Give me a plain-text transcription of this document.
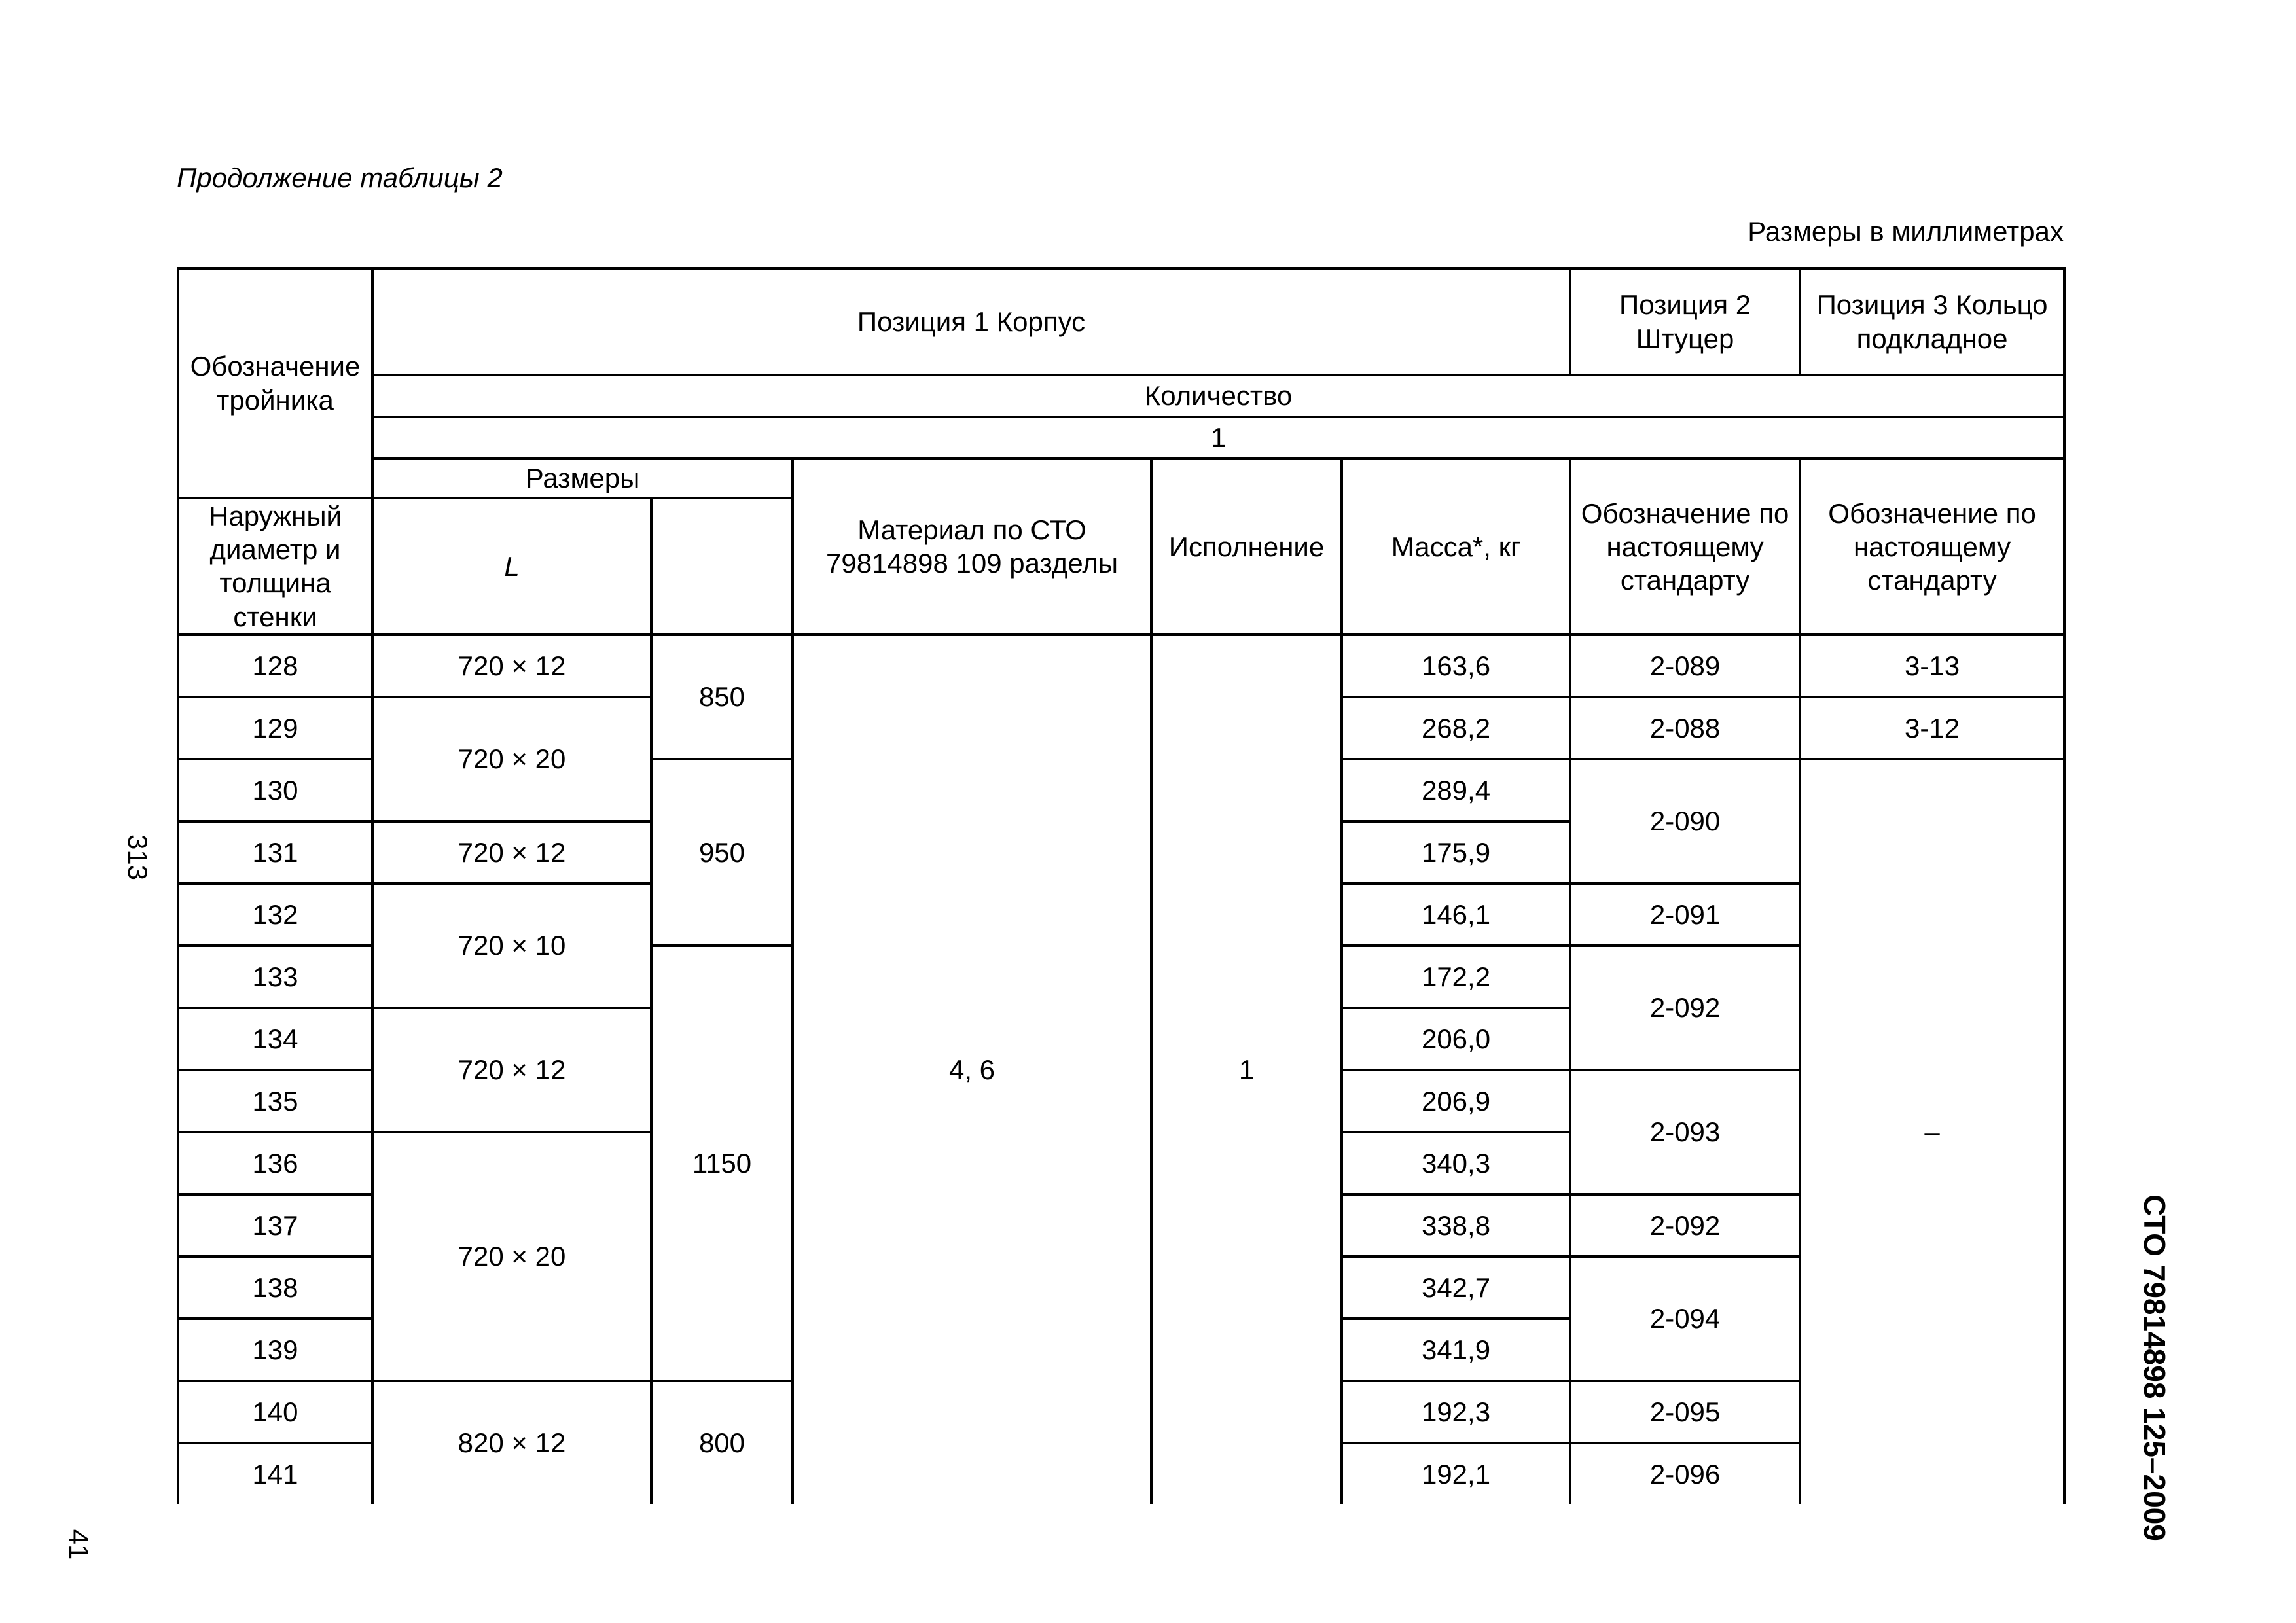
Продолжение таблицы 2
Размеры в миллиметрах
СТО 79814898 125–2009
313
41
Обозначение тройника	Позиция 1 Корпус					Позиция 2 Штуцер	Позиция 3 Кольцо подкладное
	Количество						
	1						
	Размеры		Материал по СТО 79814898 109 разделы	Исполнение	Масса*, кг	Обозначение по настоящему стандарту	Обозначение по настоящему стандарту
Наружный диаметр и толщина стенки	L						
128	720 × 12	850	4, 6	1	163,6	2-089	3-13
129	720 × 20				268,2	2-088	3-12
130		950			289,4	2-090	–
131	720 × 12				175,9		
132	720 × 10				146,1	2-091	
133		1150			172,2	2-092	
134	720 × 12				206,0		
135					206,9	2-093	
136	720 × 20				340,3		
137					338,8	2-092	
138					342,7	2-094	
139					341,9		
140	820 × 12	800			192,3	2-095	
141					192,1	2-096	
